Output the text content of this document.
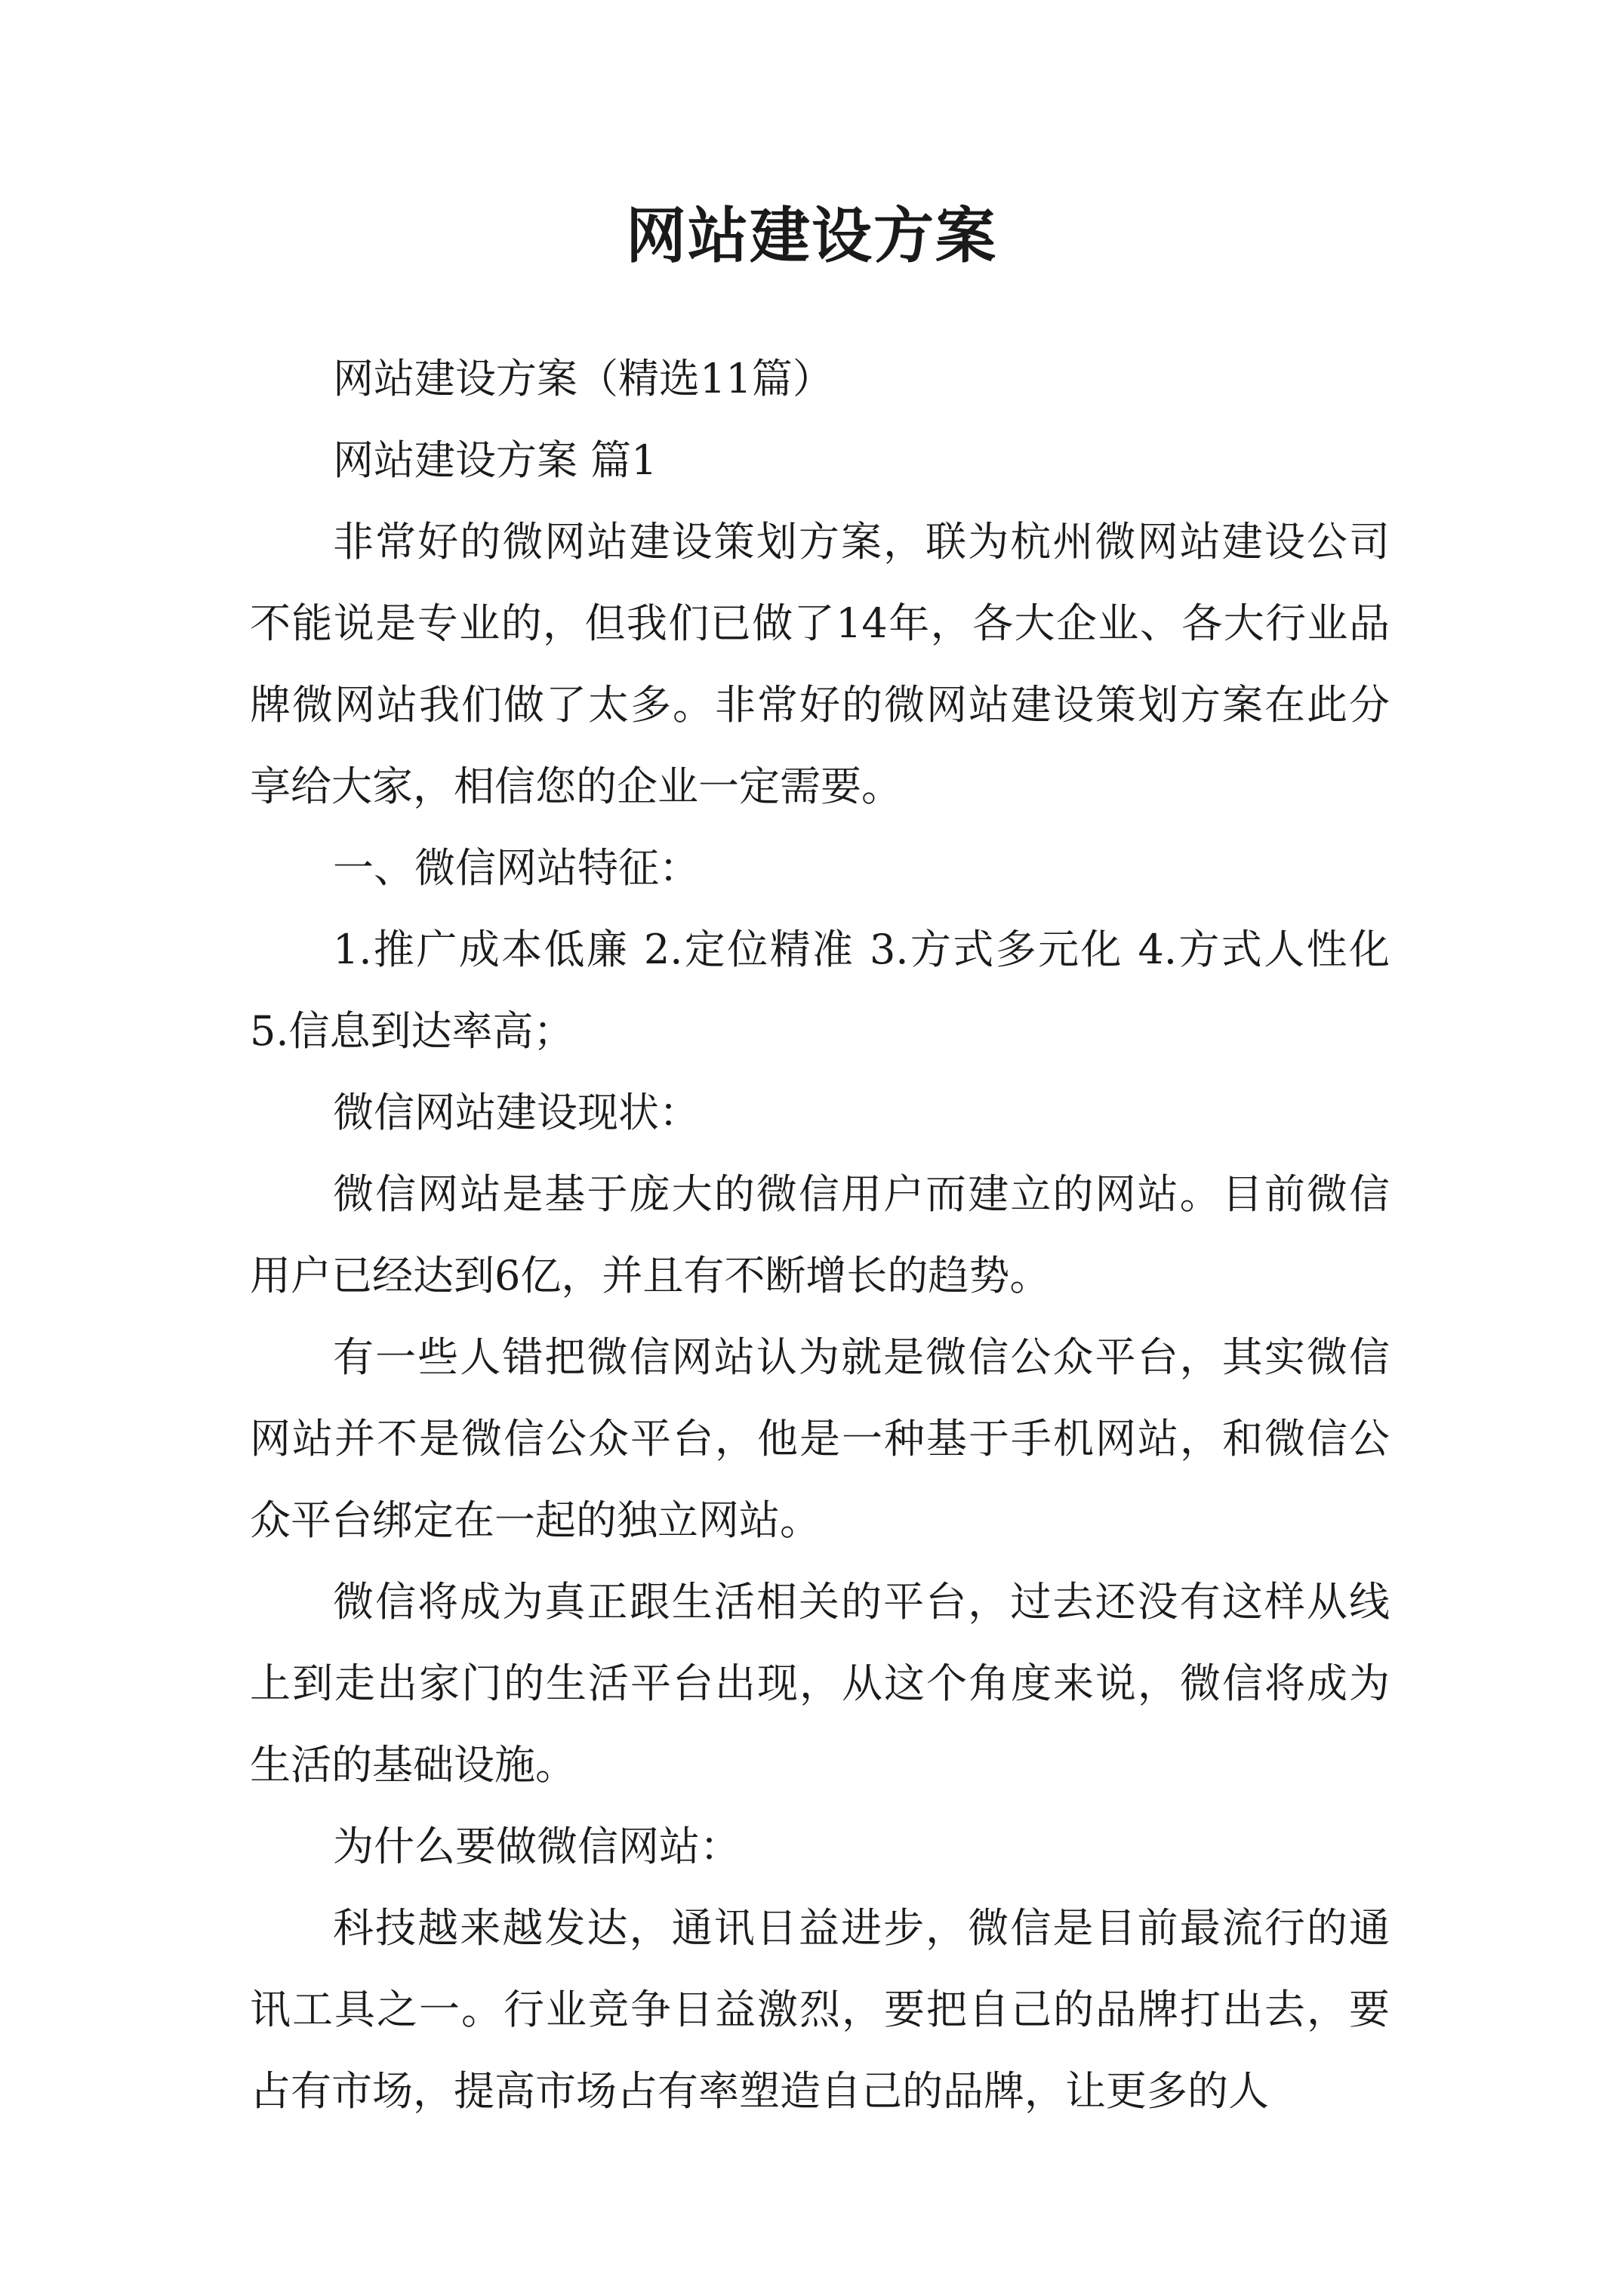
网站建设方案

网站建设方案（精选11篇）

网站建设方案 篇1

非常好的微网站建设策划方案，联为杭州微网站建设公司不能说是专业的，但我们已做了14年，各大企业、各大行业品牌微网站我们做了太多。非常好的微网站建设策划方案在此分享给大家，相信您的企业一定需要。

一、微信网站特征：

1.推广成本低廉 2.定位精准 3.方式多元化 4.方式人性化 5.信息到达率高；

微信网站建设现状：

微信网站是基于庞大的微信用户而建立的网站。目前微信用户已经达到6亿，并且有不断增长的趋势。

有一些人错把微信网站认为就是微信公众平台，其实微信网站并不是微信公众平台，他是一种基于手机网站，和微信公众平台绑定在一起的独立网站。

微信将成为真正跟生活相关的平台，过去还没有这样从线上到走出家门的生活平台出现，从这个角度来说，微信将成为生活的基础设施。

为什么要做微信网站：

科技越来越发达，通讯日益进步，微信是目前最流行的通讯工具之一。行业竞争日益激烈，要把自己的品牌打出去，要占有市场，提高市场占有率塑造自己的品牌，让更多的人
